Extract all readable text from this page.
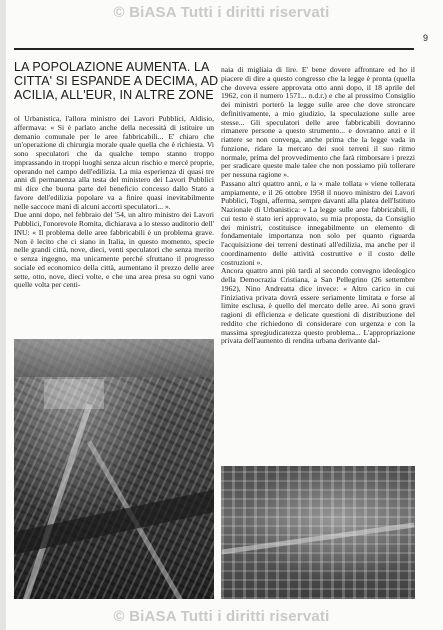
© BiASA Tutti i diritti riservati
9
LA POPOLAZIONE AUMENTA. LA CITTA' SI ESPANDE A DECIMA, AD ACILIA, ALL'EUR, IN ALTRE ZONE

ol Urbanistica, l'allora ministro dei Lavori Pubblici, Aldisio, affermava: « Si è parlato anche della necessità di istituire un demanio comunale per le aree fabbricabili... E' chiaro che un'operazione di chirurgia morale quale quella che è richiesta. Vi sono speculatori che da qualche tempo stanno troppo imprassando in troppi luoghi senza alcun rischio e mercé proprie, operando nel campo dell'edilizia. La mia esperienza di quasi tre anni di permanenza alla testa del ministero dei Lavori Pubblici mi dice che buona parte del beneficio concesso dallo Stato a favore dell'edilizia popolare va a finire quasi inevitabilmente nelle saccoce mani di alcuni accorti speculatori... ».

Due anni dopo, nel febbraio del '54, un altro ministro dei Lavori Pubblici, l'onorevole Romita, dichiarava a lo stesso auditorio dell' INU: « Il problema delle aree fabbricabili è un problema grave. Non è lecito che ci siano in Italia, in questo momento, specie nelle grandi città, nove, dieci, venti speculatori che senza merito e senza ingegno, ma unicamente perché sfruttano il progresso sociale ed economico della città, aumentano il prezzo delle aree sette, otto, nove, dieci volte, e che una area presa su ogni vano quelle volta per centi-

naia di migliaia di lire. E' bene dovere affrontare ed ho il piacere di dire a questo congresso che la legge è pronta (quella che doveva essere approvata otto anni dopo, il 18 aprile del 1962, con il numero 1571... n.d.r.) e che al prossimo Consiglio dei ministri porterò la legge sulle aree che dove stroncare definitivamente, a mio giudizio, la speculazione sulle aree stesse... Gli speculatori delle aree fabbricabili dovranno rimanere persone a questo strumento... e dovranno anzi e il riattere se non converga, anche prima che la legge vada in funzione, ridare la mercato dei suoi terreni il suo ritmo normale, prima del provvedimento che farà rimborsare i prezzi per sradicare queste male talee che non possiamo più tollerare per nessuna ragione ».

Passano altri quattro anni, e la « male tollata » viene tollerata ampiamente, e il 26 ottobre 1958 il nuovo ministro dei Lavori Pubblici, Togni, afferma, sempre davanti alla platea dell'Istituto Nazionale di Urbanistica: « La legge sulle aree fabbricabili, il cui testo è stato ieri approvato, su mia proposta, da Consiglio dei ministri, costituisce innegabilmente un elemento di fondamentale importanza non solo per quanto riguarda l'acquisizione dei terreni destinati all'edilizia, ma anche per il coordinamento delle attività costruttive e il costo delle costruzioni ».

Ancora quattro anni più tardi al secondo convegno ideologico della Democrazia Cristiana, a San Pellegrino (26 settembre 1962), Nino Andreatta dice invece: « Altro carico in cui l'iniziativa privata dovrà essere seriamente limitata e forse al limite esclusa, è quello del mercato delle aree. Ai sono gravi ragioni di efficienza e delicate questioni di distribuzione del reddito che richiedono di considerare con urgenza e con la massima spregiudicatezza questo problema... L'appropriazione privata dell'aumento di rendita urbana derivante dal-

© BiASA Tutti i diritti riservati
